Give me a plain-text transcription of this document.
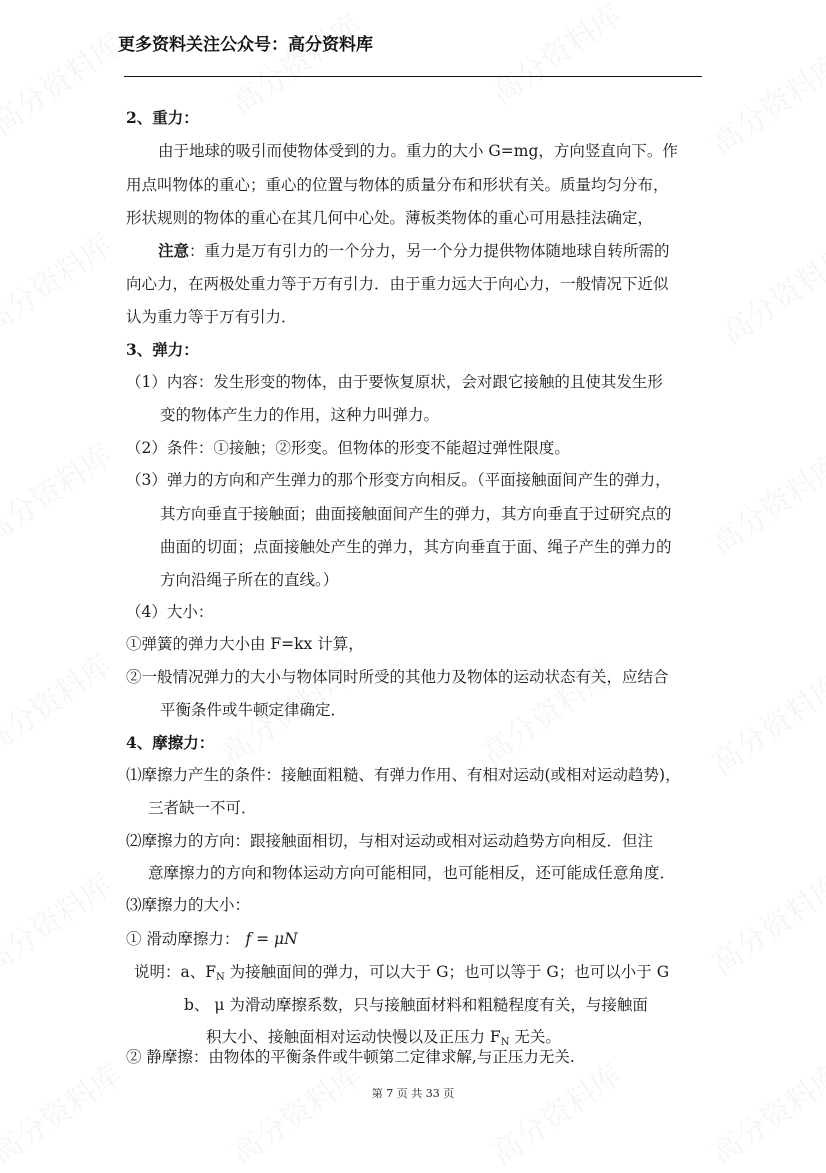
更多资料关注公众号：高分资料库
2、重力：
由于地球的吸引而使物体受到的力。重力的大小 G=mg，方向竖直向下。作
用点叫物体的重心；重心的位置与物体的质量分布和形状有关。质量均匀分布，
形状规则的物体的重心在其几何中心处。薄板类物体的重心可用悬挂法确定，
注意：重力是万有引力的一个分力，另一个分力提供物体随地球自转所需的
向心力，在两极处重力等于万有引力．由于重力远大于向心力，一般情况下近似
认为重力等于万有引力．
3、弹力：
（1）内容：发生形变的物体，由于要恢复原状，会对跟它接触的且使其发生形
变的物体产生力的作用，这种力叫弹力。
（2）条件：①接触；②形变。但物体的形变不能超过弹性限度。
（3）弹力的方向和产生弹力的那个形变方向相反。（平面接触面间产生的弹力，
其方向垂直于接触面；曲面接触面间产生的弹力，其方向垂直于过研究点的
曲面的切面；点面接触处产生的弹力，其方向垂直于面、绳子产生的弹力的
方向沿绳子所在的直线。）
（4）大小：
①弹簧的弹力大小由 F=kx 计算，
②一般情况弹力的大小与物体同时所受的其他力及物体的运动状态有关，应结合
平衡条件或牛顿定律确定．
4、摩擦力：
⑴摩擦力产生的条件：接触面粗糙、有弹力作用、有相对运动(或相对运动趋势)，
三者缺一不可．
⑵摩擦力的方向：跟接触面相切，与相对运动或相对运动趋势方向相反．但注
意摩擦力的方向和物体运动方向可能相同，也可能相反，还可能成任意角度．
⑶摩擦力的大小：
① 滑动摩擦力： f = μN
说明：a、$F_N$ 为接触面间的弹力，可以大于 G；也可以等于 G；也可以小于 G
b、 μ 为滑动摩擦系数，只与接触面材料和粗糙程度有关，与接触面
积大小、接触面相对运动快慢以及正压力 $F_N$ 无关。
② 静摩擦：由物体的平衡条件或牛顿第二定律求解,与正压力无关.
第 7 页 共 33 页
